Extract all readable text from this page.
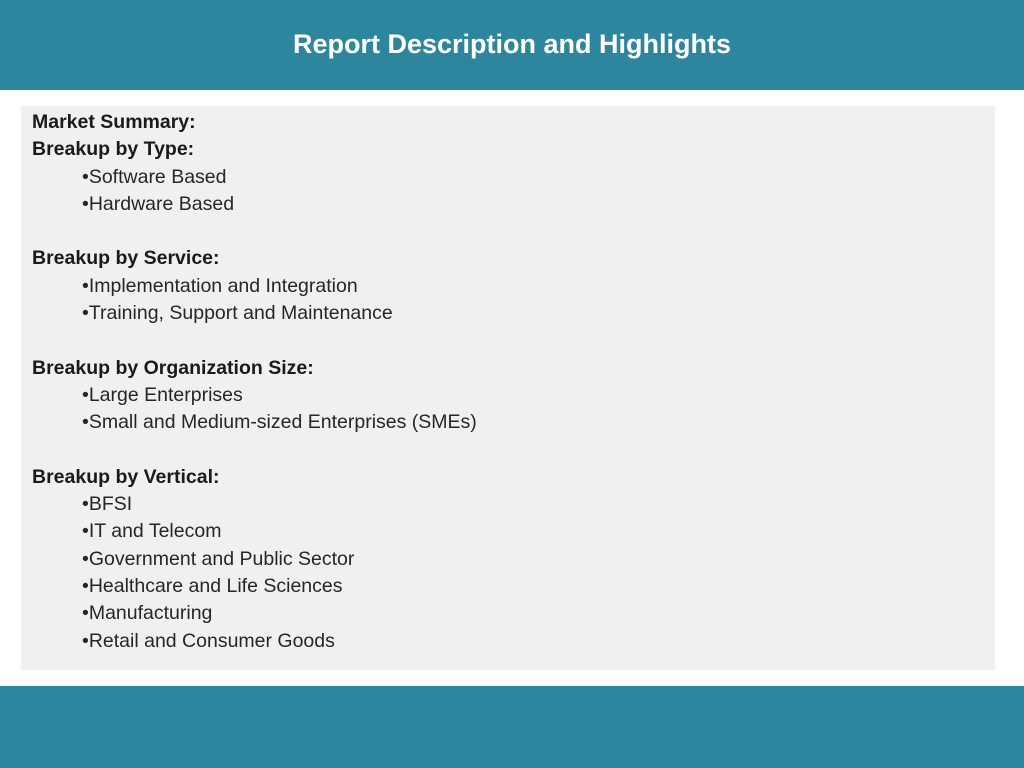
Report Description and Highlights
Market Summary:
Breakup by Type:
•Software Based
•Hardware Based
Breakup by Service:
•Implementation and Integration
•Training, Support and Maintenance
Breakup by Organization Size:
•Large Enterprises
•Small and Medium-sized Enterprises (SMEs)
Breakup by Vertical:
•BFSI
•IT and Telecom
•Government and Public Sector
•Healthcare and Life Sciences
•Manufacturing
•Retail and Consumer Goods
